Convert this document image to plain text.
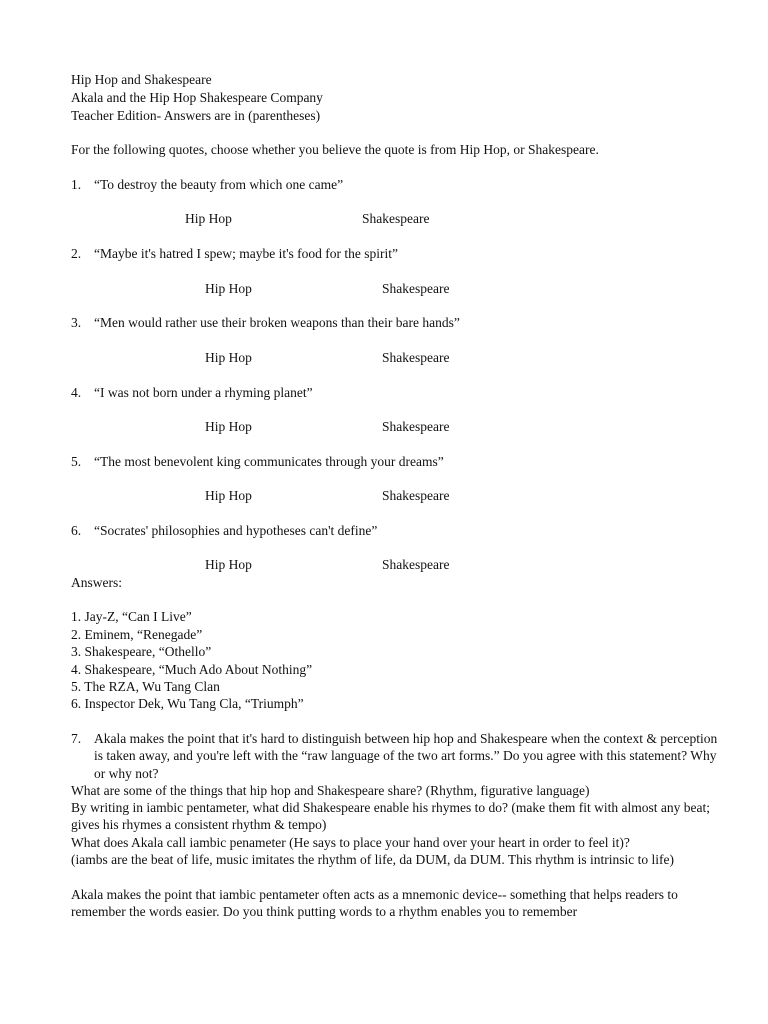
Hip Hop and Shakespeare
Akala and the Hip Hop Shakespeare Company
Teacher Edition- Answers are in (parentheses)
For the following quotes, choose whether you believe the quote is from Hip Hop, or Shakespeare.
1. “To destroy the beauty from which one came”
Hip Hop	Shakespeare
2. “Maybe it's hatred I spew; maybe it's food for the spirit”
Hip Hop	Shakespeare
3. “Men would rather use their broken weapons than their bare hands”
Hip Hop	Shakespeare
4. “I was not born under a rhyming planet”
Hip Hop	Shakespeare
5. “The most benevolent king communicates through your dreams”
Hip Hop	Shakespeare
6. “Socrates' philosophies and hypotheses can't define”
Hip Hop	Shakespeare
Answers:
1. Jay-Z, “Can I Live”
2. Eminem, “Renegade”
3. Shakespeare, “Othello”
4. Shakespeare, “Much Ado About Nothing”
5. The RZA, Wu Tang Clan
6. Inspector Dek, Wu Tang Cla, “Triumph”
7. Akala makes the point that it's hard to distinguish between hip hop and Shakespeare when the context & perception is taken away, and you're left with the “raw language of the two art forms.” Do you agree with this statement? Why or why not?
What are some of the things that hip hop and Shakespeare share? (Rhythm, figurative language)
By writing in iambic pentameter, what did Shakespeare enable his rhymes to do? (make them fit with almost any beat; gives his rhymes a consistent rhythm & tempo)
What does Akala call iambic penameter (He says to place your hand over your heart in order to feel it)?
(iambs are the beat of life, music imitates the rhythm of life, da DUM, da DUM. This rhythm is intrinsic to life)
Akala makes the point that iambic pentameter often acts as a mnemonic device-- something that helps readers to remember the words easier. Do you think putting words to a rhythm enables you to remember
